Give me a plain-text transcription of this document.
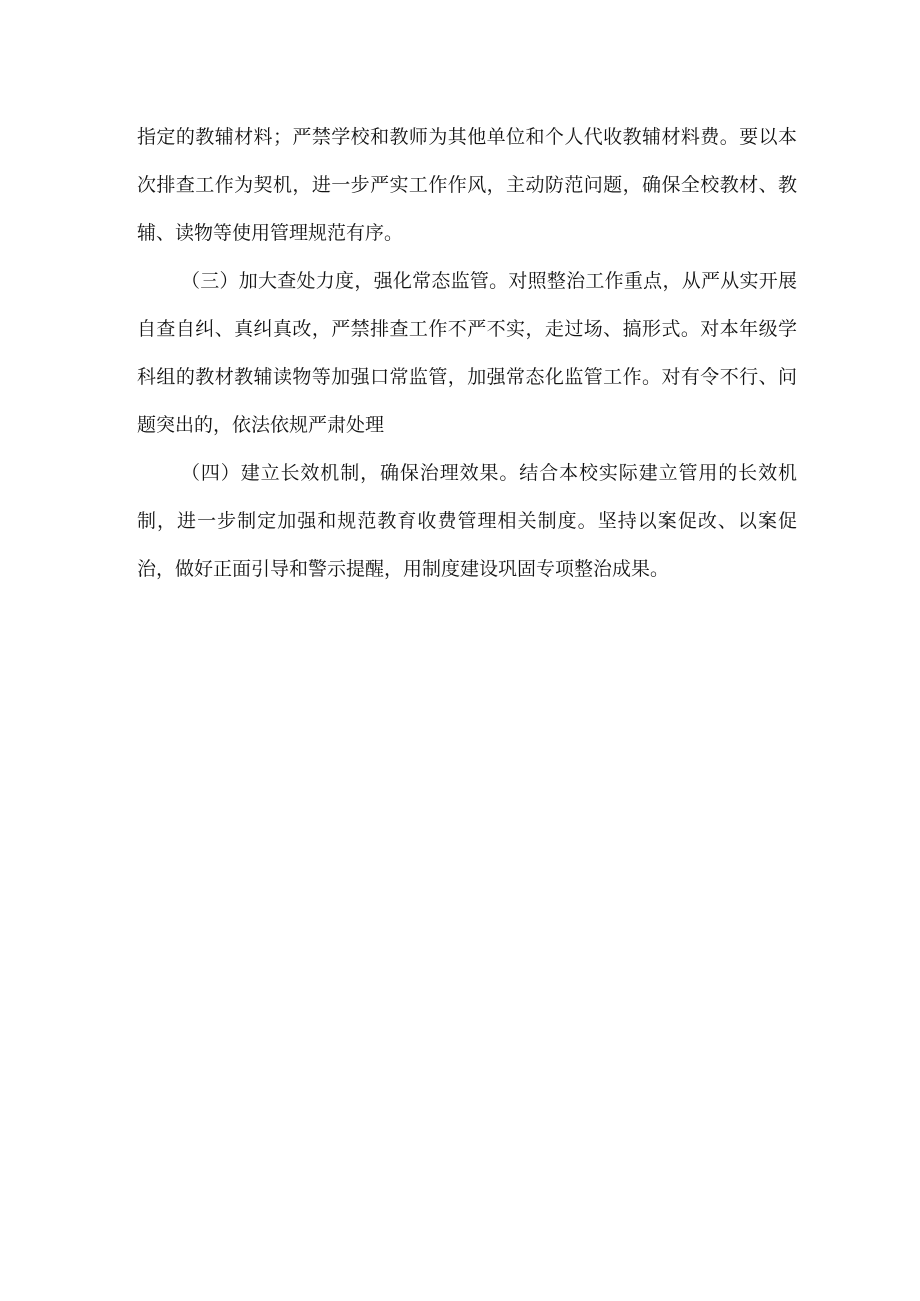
指定的教辅材料；严禁学校和教师为其他单位和个人代收教辅材料费。要以本次排查工作为契机，进一步严实工作作风，主动防范问题，确保全校教材、教辅、读物等使用管理规范有序。

（三）加大查处力度，强化常态监管。对照整治工作重点，从严从实开展自查自纠、真纠真改，严禁排查工作不严不实，走过场、搞形式。对本年级学科组的教材教辅读物等加强口常监管，加强常态化监管工作。对有令不行、问题突出的，依法依规严肃处理

（四）建立长效机制，确保治理效果。结合本校实际建立管用的长效机制，进一步制定加强和规范教育收费管理相关制度。坚持以案促改、以案促治，做好正面引导和警示提醒，用制度建设巩固专项整治成果。
